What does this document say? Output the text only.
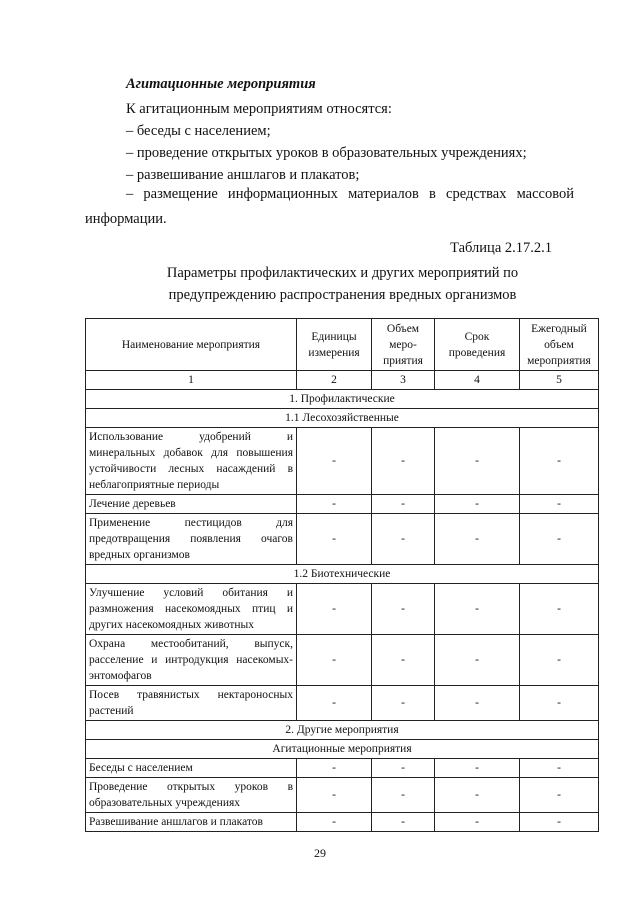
Агитационные мероприятия
К агитационным мероприятиям относятся:
– беседы с населением;
– проведение открытых уроков в образовательных учреждениях;
– развешивание аншлагов и плакатов;
– размещение информационных материалов в средствах массовой
информации.
Таблица 2.17.2.1
Параметры профилактических и других мероприятий по
предупреждению распространения вредных организмов
Наименование мероприятия	Единицы измерения	Объем меро-приятия	Срок проведения	Ежегодный объем мероприятия
1	2	3	4	5
1. Профилактические				
1.1 Лесохозяйственные				
Использование удобрений и минеральных добавок для повышения устойчивости лесных насаждений в неблагоприятные периоды	-	-	-	-
Лечение деревьев	-	-	-	-
Применение пестицидов для предотвращения появления очагов вредных организмов	-	-	-	-
1.2 Биотехнические				
Улучшение условий обитания и размножения насекомоядных птиц и других насекомоядных животных	-	-	-	-
Охрана местообитаний, выпуск, расселение и интродукция насекомых-энтомофагов	-	-	-	-
Посев травянистых нектароносных растений	-	-	-	-
2. Другие мероприятия				
Агитационные мероприятия				
Беседы с населением	-	-	-	-
Проведение открытых уроков в образовательных учреждениях	-	-	-	-
Развешивание аншлагов и плакатов	-	-	-	-
29
